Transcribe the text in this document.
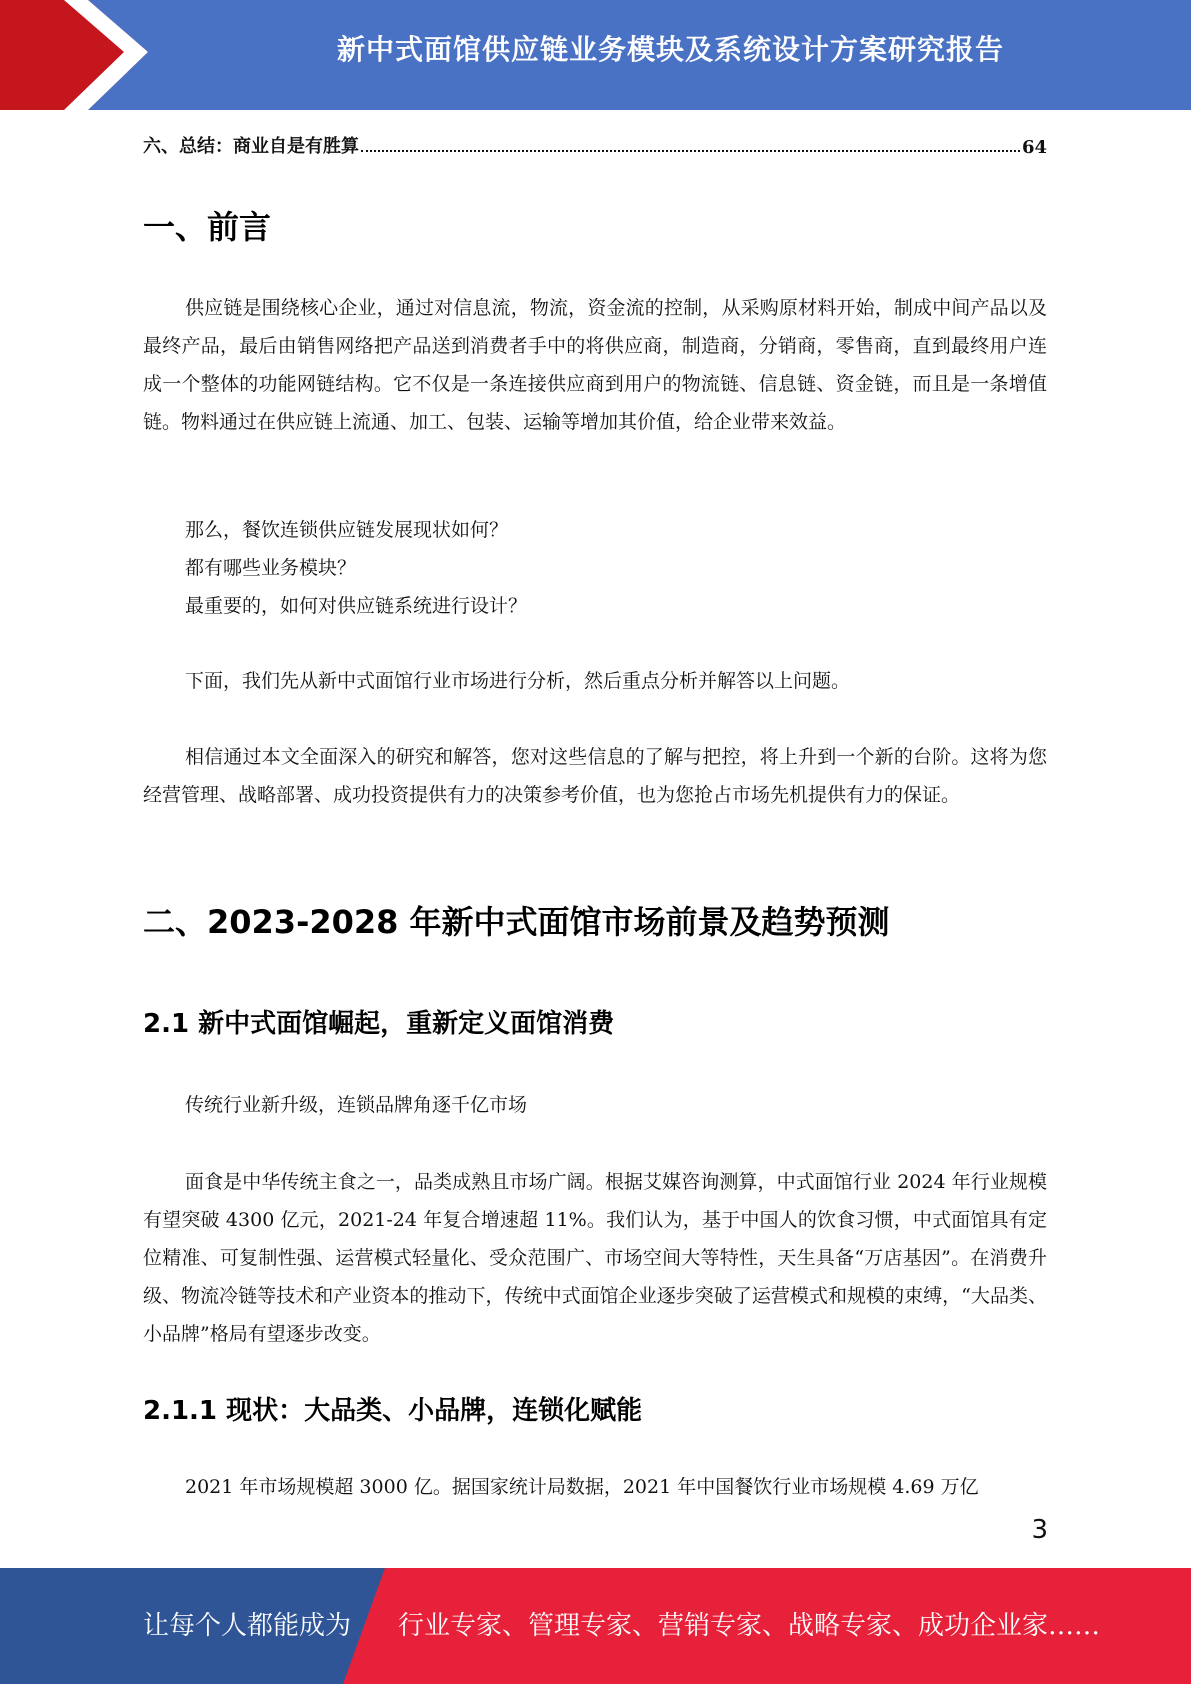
新中式面馆供应链业务模块及系统设计方案研究报告
六、总结：商业自是有胜算	64
一、前言

供应链是围绕核心企业，通过对信息流，物流，资金流的控制，从采购原材料开始，制成中间产品以及最终产品，最后由销售网络把产品送到消费者手中的将供应商，制造商，分销商，零售商，直到最终用户连成一个整体的功能网链结构。它不仅是一条连接供应商到用户的物流链、信息链、资金链，而且是一条增值链。物料通过在供应链上流通、加工、包装、运输等增加其价值，给企业带来效益。

那么，餐饮连锁供应链发展现状如何？

都有哪些业务模块？

最重要的，如何对供应链系统进行设计？

下面，我们先从新中式面馆行业市场进行分析，然后重点分析并解答以上问题。

相信通过本文全面深入的研究和解答，您对这些信息的了解与把控，将上升到一个新的台阶。这将为您经营管理、战略部署、成功投资提供有力的决策参考价值，也为您抢占市场先机提供有力的保证。

二、2023-2028 年新中式面馆市场前景及趋势预测
2.1 新中式面馆崛起，重新定义面馆消费

传统行业新升级，连锁品牌角逐千亿市场

面食是中华传统主食之一，品类成熟且市场广阔。根据艾媒咨询测算，中式面馆行业 2024 年行业规模有望突破 4300 亿元，2021-24 年复合增速超 11%。我们认为，基于中国人的饮食习惯，中式面馆具有定位精准、可复制性强、运营模式轻量化、受众范围广、市场空间大等特性，天生具备“万店基因”。在消费升级、物流冷链等技术和产业资本的推动下，传统中式面馆企业逐步突破了运营模式和规模的束缚，“大品类、小品牌”格局有望逐步改变。

2.1.1 现状：大品类、小品牌，连锁化赋能

2021 年市场规模超 3000 亿。据国家统计局数据，2021 年中国餐饮行业市场规模 4.69 万亿

3
让每个人都能成为 行业专家、管理专家、营销专家、战略专家、成功企业家……
